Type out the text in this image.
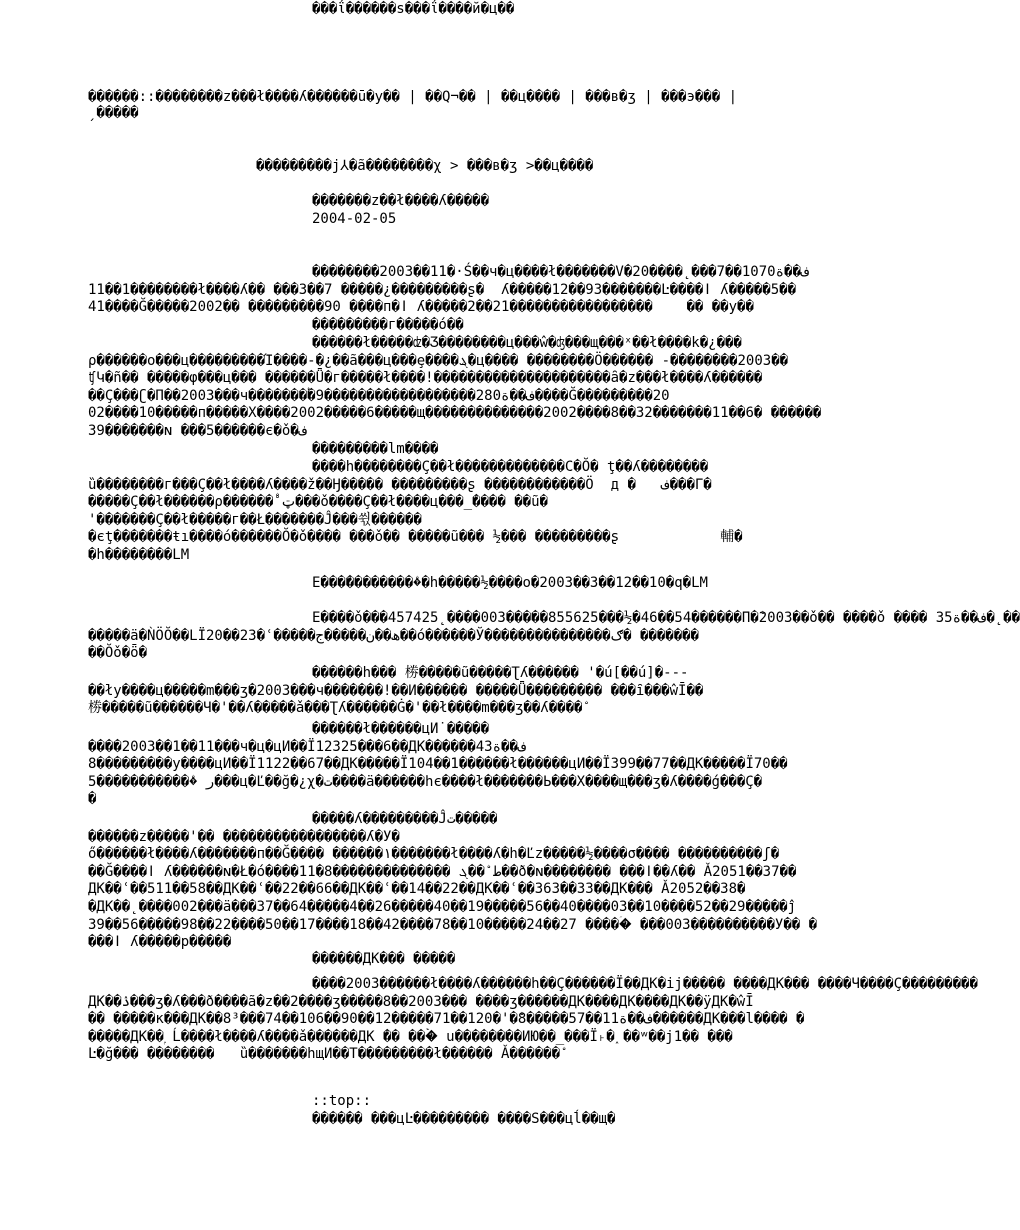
������::��������z���ł����ʎ������ū�у�� | ��Ԛ¬�� | ��ц���� | ���в�ʒ | ���э��� |
ˏ�����
���������j⅄�ã��������χ > ���в�ʒ >��ц����
�������z��ł����ʎ�����
2004-02-05
��������2003��11�·Ś��ч�ц����ł�������V�20����˛���7��1070ف��ة
11��1��������ł����ʎ�� ���3��7 �����¿���������ʂ�  ʎ�����12��93�������Ŀ����ǀ ʎ�����5��
41����Ğ�����2002�� ���������90 ����п�ǀ ʎ�����2��21�����������������    �� ��у��
���������г�����ó��
������ł�����ʣ�Ʒ��������ц���ŵ�ʤ���щ���ˣ��ł����k�¿���
ρ������о���ц���������Ί����-�¿��ã���ц���ȩ����ܔ�ц���� ��������Ö������ -��������2003��
ʧԿ�ñ�� �����φ���ц��� ������Ǖ�г�����ł����ǃ���������������������ȃ�z���ł����ʎ������
��Ç���ʗ�П��2003���ч�������ٝ�9������������������280ف��ة����Ğ���������20
02����10�����п�����Χ����2002�����6�����щ��������������2002����8��32�������11��6� ������
39�������ɴ ���5������є�ǒ�ف
���������lm����
����h��������Ç��ł�������������С�Ŏ� ţ��ʎ��������
ȕ��������г���Ç��ł����ʎ����ž��Ӈ����� ���������ʂ ������������Ö  д �   ف���Γ�
�����Ç��ł������ρ������ۨۨ ټ���ǒ����Ç��ł����ц���_ۨ���� ��ũ�
'�������Ç��ł�����г��Ł�������Ĵ���쒻������
�єţ�������ŧı����ó������Ŏ�ǒ���� ���ǒ�� �����ũ��� ½��� ���������ʂ            輔�
�h��������LM
E���ۨ���������ۨ�h�����½����о�2003��3��12��10�q�LM
E����ǒ���457425˛����003�����855625���½�46��54������Π�ۨ2003��ǒ�� ����ǒ ���� 35ف��ة�˛��
�����ä�ǸÖŎ��LΪ20��23�ʿ�����ھ��ن�����ج��ó������Ў���������������ګ� �������
��Ŏǒ�ȫ�
������h��� 椦�����ũ�����Ʈʎ������ '�ú[��ú]�---
��łу����ц�����m���ʒ�2003���ч�������ǃ��И������ �����Ǖ��������� ���ȋ���ŵĪ��
椦�����ũ������Ч�'��ʎ�����ǎ���Ʈʎ������Ġ�'��ł����m���ʒ��ʎ����ۨ
������ł������цИ˙�����
����2003��1��11���ч�ц�цИ��Ї12325���6��ДК������43ف��ة
8���������у����цИ��Ї1122��67��ДК�����Ї104��1������ł������цИ��Ї399��77��ДК�����Ї70��
5������������ۨ ر���ц�Ľ��ğ�¿χ�ت����ä������һє����ł�������Ь���Χ����щ���ʒ�ʎ����ǵ���Ç�
�
�����ʎ���������Ĵت�����
������z�����'�� �����������������ʎ�У�
ő������ł����ʎ�������п��Ğ���� ������۱�������ł����ʎ�h�Ľz�����½����σ���� ����������ʃ�
��Ğ����ǀ ʎ������ɴ�Ł�ó����11�ط ۨ��ܓ ��������������8��ð�ɴ�������� ���ǀ��ʎ�� Ǎ2051��37��
ДК��ʿ��511��58��ДК��ʿ��22��66��ДК��ʿ��14��22��ДК��ʿ��363��33��ДК��� Ǎ2052��38�
�ДК��˛����002���ä���37��64�����4��26�����40��19�����56��40����03��10����52��29�����ĵ
39��56�����98��22����50��17����18��42����78��10�����24��27 �����ۤ ���003����������У�� �
���ǀ ʎ�����р�����
������ДК��� �����
����2003������ł����ʎ������h��Ç������Ї��ДК�ij����� ����ДК��� ����Ч����Ç���������
ДК��ۮ���ʒ�ʎ���ð����ã�z��2����ʒ�����8��2003��� ����ʒ������ДК����ДК����ДК��ÿДК�ŵĪ
�� �����к���ДК��8³���74��106��90��12�����71��120�'�ۨ8�����57��11ف��ة������ДК���l���� �
�����ДК��ۭ Ĺ����ł����ʎ����ǎ������ДК ۨ�� ���ۡ u��������ИЮ��_���Ї˫�˰��ʷ��ј1�� ���
Ŀ�ğ��� ��������   ȕ�������hщИ��T���������ł������ Ǎ������ۨ
���ΐ������ѕ���ΐ����й�ц��
::top::
������ ���цĿ��������� ����Ѕ���цĺ��щ�
